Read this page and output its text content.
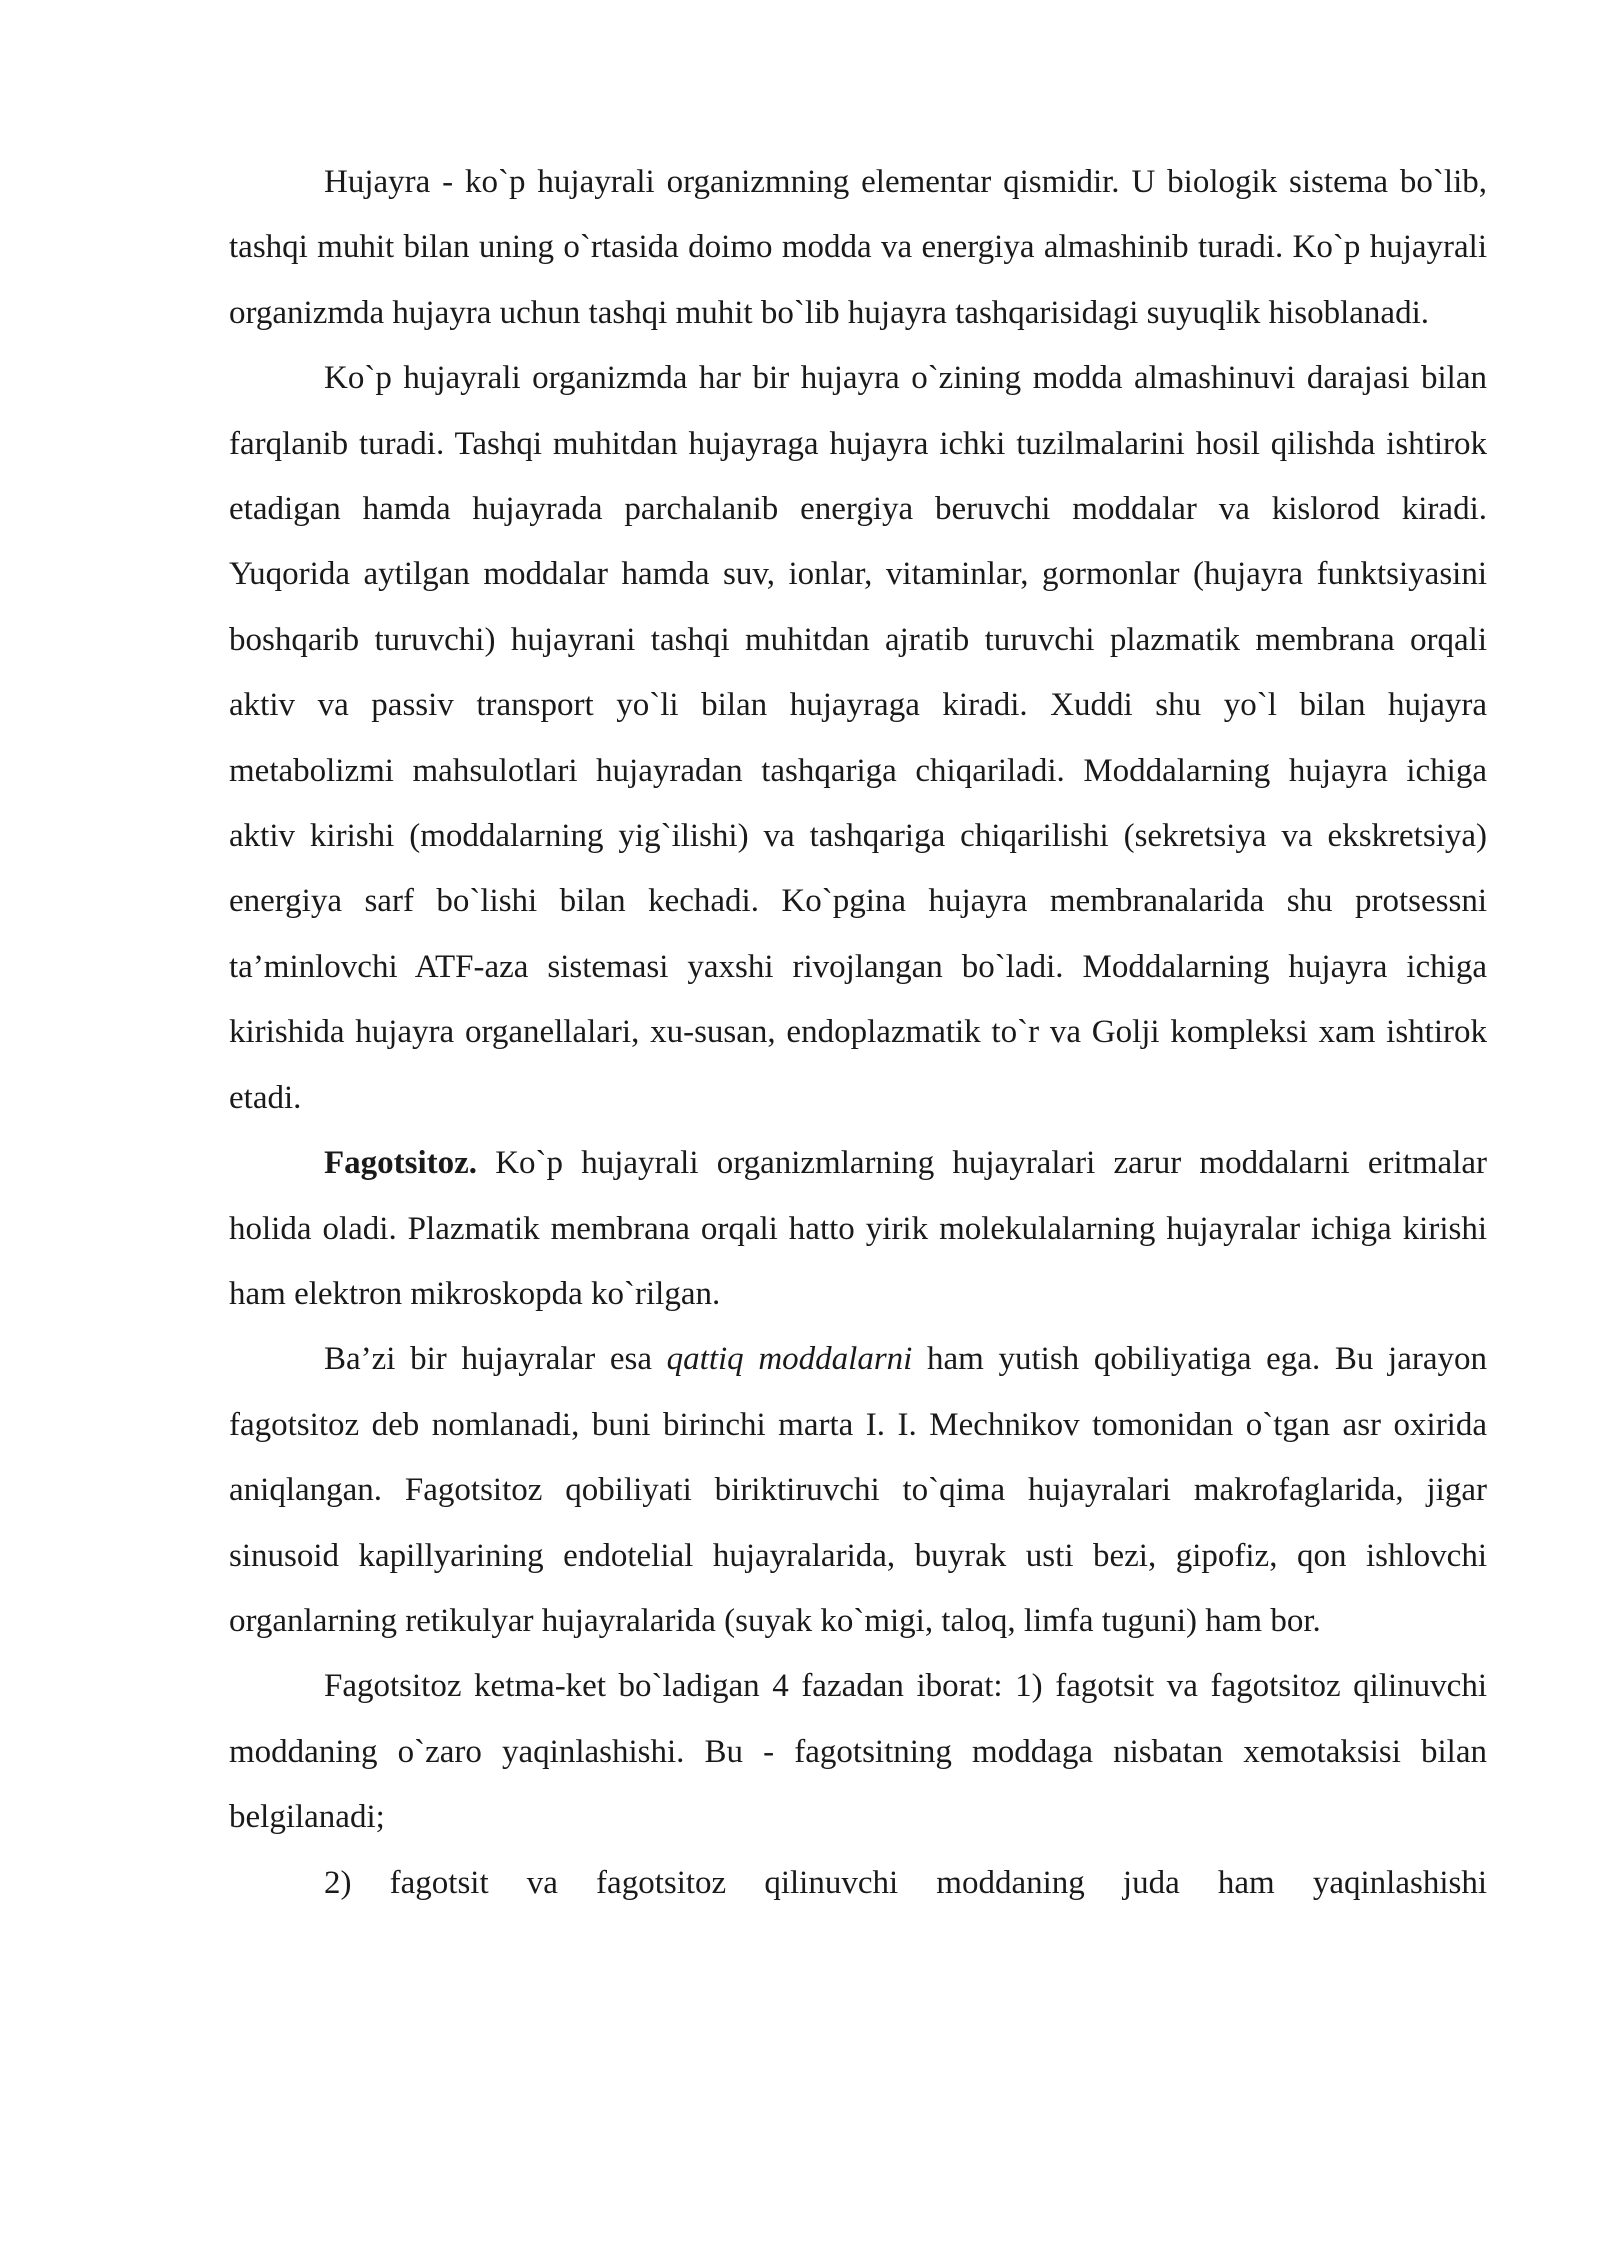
Hujayra - ko`p hujayrali organizmning elementar qismidir. U biologik sistema bo`lib, tashqi muhit bilan uning o`rtasida doimo modda va energiya almashinib turadi. Ko`p hujayrali organizmda hujayra uchun tashqi muhit bo`lib hujayra tashqarisidagi suyuqlik hisoblanadi.

Ko`p hujayrali organizmda har bir hujayra o`zining modda almashinuvi darajasi bilan farqlanib turadi. Tashqi muhitdan hujayraga hujayra ichki tuzilmalarini hosil qilishda ishtirok etadigan hamda hujayrada parchalanib energiya beruvchi moddalar va kislorod kiradi. Yuqorida aytilgan moddalar hamda suv, ionlar, vitaminlar, gormonlar (hujayra funktsiyasini boshqarib turuvchi) hujayrani tashqi muhitdan ajratib turuvchi plazmatik membrana orqali aktiv va passiv transport yo`li bilan hujayraga kiradi. Xuddi shu yo`l bilan hujayra metabolizmi mahsulotlari hujayradan tashqariga chiqariladi. Moddalarning hujayra ichiga aktiv kirishi (moddalarning yig`ilishi) va tashqariga chiqarilishi (sekretsiya va ekskretsiya) energiya sarf bo`lishi bilan kechadi. Ko`pgina hujayra membranalarida shu protsessni ta’minlovchi ATF-aza sistemasi yaxshi rivojlangan bo`ladi. Moddalarning hujayra ichiga kirishida hujayra organellalari, xu-susan, endoplazmatik to`r va Golji kompleksi xam ishtirok etadi.

Fagotsitoz. Ko`p hujayrali organizmlarning hujayralari zarur moddalarni eritmalar holida oladi. Plazmatik membrana orqali hatto yirik molekulalarning hujayralar ichiga kirishi ham elektron mikroskopda ko`rilgan.

Ba’zi bir hujayralar esa qattiq moddalarni ham yutish qobiliyatiga ega. Bu jarayon fagotsitoz deb nomlanadi, buni birinchi marta I. I. Mechnikov tomonidan o`tgan asr oxirida aniqlangan. Fagotsitoz qobiliyati biriktiruvchi to`qima hujayralari makrofaglarida, jigar sinusoid kapillyarining endotelial hujayralarida, buyrak usti bezi, gipofiz, qon ishlovchi organlarning retikulyar hujayralarida (suyak ko`migi, taloq, limfa tuguni) ham bor.

Fagotsitoz ketma-ket bo`ladigan 4 fazadan iborat: 1) fagotsit va fagotsitoz qilinuvchi moddaning o`zaro yaqinlashishi. Bu - fagotsitning moddaga nisbatan xemotaksisi bilan belgilanadi;

2) fagotsit va fagotsitoz qilinuvchi moddaning juda ham yaqinlashishi
